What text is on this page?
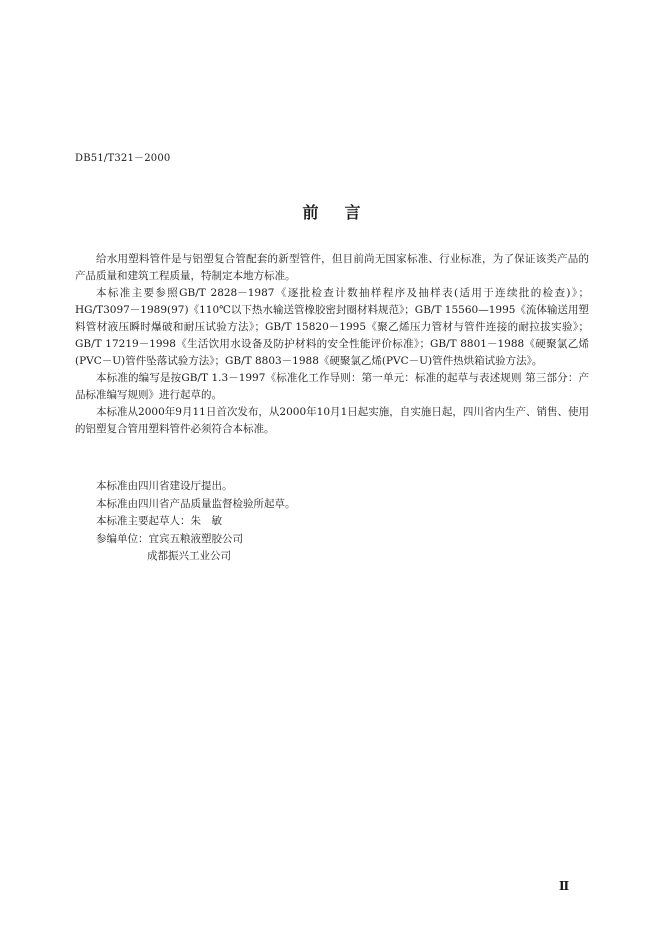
DB51/T321－2000
前言

给水用塑料管件是与铝塑复合管配套的新型管件，但目前尚无国家标准、行业标准，为了保证该类产品的产品质量和建筑工程质量，特制定本地方标准。

本标准主要参照GB/T 2828－1987《逐批检查计数抽样程序及抽样表(适用于连续批的检查)》；HG/T3097－1989(97)《110℃以下热水输送管橡胶密封圈材料规范》；GB/T 15560—1995《流体输送用塑料管材液压瞬时爆破和耐压试验方法》；GB/T 15820－1995《聚乙烯压力管材与管件连接的耐拉拔实验》；GB/T 17219－1998《生活饮用水设备及防护材料的安全性能评价标准》；GB/T 8801－1988《硬聚氯乙烯(PVC－U)管件坠落试验方法》；GB/T 8803－1988《硬聚氯乙烯(PVC－U)管件热烘箱试验方法》。

本标准的编写是按GB/T 1.3－1997《标准化工作导则：第一单元：标准的起草与表述规则 第三部分：产品标准编写规则》进行起草的。

本标准从2000年9月11日首次发布，从2000年10月1日起实施，自实施日起，四川省内生产、销售、使用的铝塑复合管用塑料管件必须符合本标准。

本标准由四川省建设厅提出。
本标准由四川省产品质量监督检验所起草。
本标准主要起草人：朱　敏
参编单位：宜宾五粮液塑胶公司
成都振兴工业公司
Ⅱ
